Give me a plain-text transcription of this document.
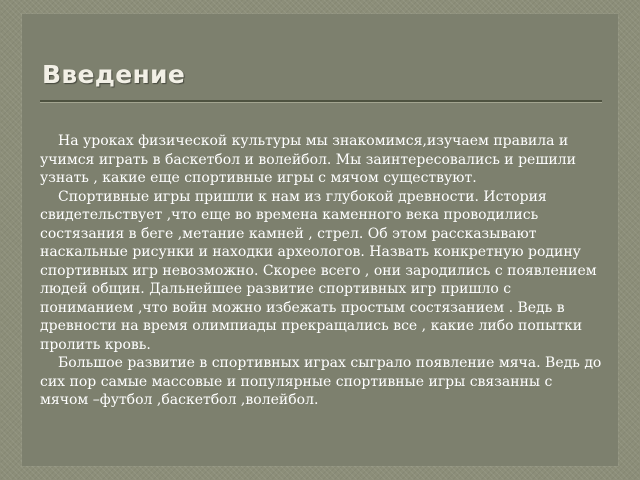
Введение

На уроках физической культуры мы знакомимся,изучаем правила и учимся играть в баскетбол и волейбол. Мы заинтересовались и решили узнать , какие еще спортивные игры с мячом существуют.

Спортивные игры пришли к нам из глубокой древности. История свидетельствует ,что еще во времена каменного века проводились состязания в беге ,метание камней , стрел. Об этом рассказывают наскальные рисунки и находки археологов. Назвать конкретную родину спортивных игр невозможно. Скорее всего , они зародились с появлением людей общин. Дальнейшее развитие спортивных игр пришло с пониманием ,что войн можно избежать простым состязанием . Ведь в древности на время олимпиады прекращались все , какие либо попытки пролить кровь.

Большое развитие в спортивных играх сыграло появление мяча. Ведь до сих пор самые массовые и популярные спортивные игры связанны с мячом –футбол ,баскетбол ,волейбол.
